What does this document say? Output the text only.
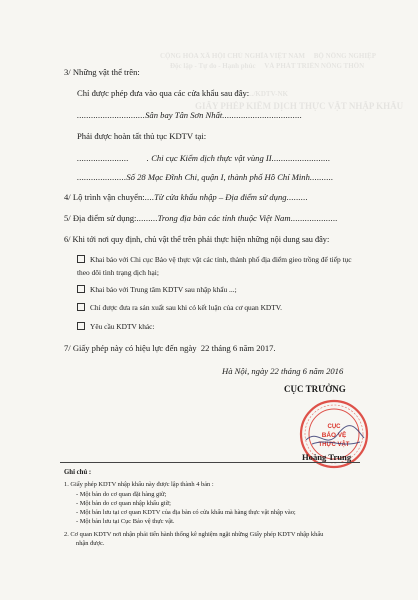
CỘNG HÒA XÃ HỘI CHỦ NGHĨA VIỆT NAM     BỘ NÔNG NGHIỆP
Độc lập - Tự do - Hạnh phúc     VÀ PHÁT TRIỂN NÔNG THÔN
Số: ..../KDTV-NK
GIẤY PHÉP KIỂM DỊCH THỰC VẬT NHẬP KHẨU
3/ Những vật thể trên:
Chỉ được phép đưa vào qua các cửa khẩu sau đây:
.............................Sân bay Tân Sơn Nhất..................................
Phải được hoàn tất thủ tục KDTV tại:
...................... . Chi cục Kiểm dịch thực vật vùng II.........................
.....................Số 28 Mạc Đĩnh Chi, quận I, thành phố Hồ Chí Minh..........
4/ Lộ trình vận chuyển:....Từ cửa khẩu nhập – Địa điểm sử dụng.........
5/ Địa điểm sử dụng:.........Trong địa bàn các tỉnh thuộc Việt Nam....................
6/ Khi tới nơi quy định, chủ vật thể trên phải thực hiện những nội dung sau đây:
Khai báo với Chi cục Bảo vệ thực vật các tỉnh, thành phố địa điểm gieo trồng để tiếp tục
theo dõi tình trạng dịch hại;
Khai báo với Trung tâm KDTV sau nhập khẩu ...;
Chỉ được đưa ra sản xuất sau khi có kết luận của cơ quan KDTV.
Yêu cầu KDTV khác:
7/ Giấy phép này có hiệu lực đến ngày 22 tháng 6 năm 2017.
Hà Nội, ngày 22 tháng 6 năm 2016
CỤC TRƯỞNG
CỤC
BẢO VỆ
THỰC VẬT
Hoàng Trung
Ghi chú :
1. Giấy phép KDTV nhập khẩu này được lập thành 4 bản :
- Một bản do cơ quan đặt hàng giữ;
- Một bản do cơ quan nhập khẩu giữ;
- Một bản lưu tại cơ quan KDTV của địa bàn có cửa khẩu mà hàng thực vật nhập vào;
- Một bản lưu tại Cục Bảo vệ thực vật.
2. Cơ quan KDTV nơi nhận phải tiến hành thống kê nghiệm ngặt những Giấy phép KDTV nhập khẩu
nhận được.
